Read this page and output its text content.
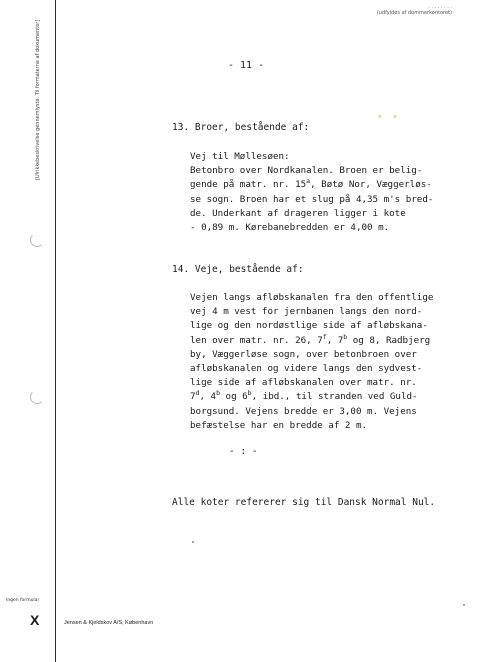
[Ulrikkebeskrivelse gennemlyste. Til formaterne af dokumenter]
. . . . . . . .
(udfyldes af dommerkontoret)
● ●
- 11 -
13. Broer, bestående af:
Vej til Møllesøen:
Betonbro over Nordkanalen. Broen er belig-
gende på matr. nr. 15$^a$, Bøtø Nor, Væggerløs-
se sogn. Broen har et slug på 4,35 m's bred-
de. Underkant af drageren ligger i kote
- 0,89 m. Kørebanebredden er 4,00 m.
14. Veje, bestående af:
Vejen langs afløbskanalen fra den offentlige
vej 4 m vest for jernbanen langs den nord-
lige og den nordøstlige side af afløbskana-
len over matr. nr. 26, 7$^f$, 7$^b$ og 8, Radbjerg
by, Væggerløse sogn, over betonbroen over
afløbskanalen og videre langs den sydvest-
lige side af afløbskanalen over matr. nr.
7$^d$, 4$^b$ og 6$^b$, ibd., til stranden ved Guld-
borgsund. Vejens bredde er 3,00 m. Vejens
befæstelse har en bredde af 2 m.
- : -
Alle koter refererer sig til Dansk Normal Nul.
Ingen formular
X	Jensen & Kjeldskov A/S, København
